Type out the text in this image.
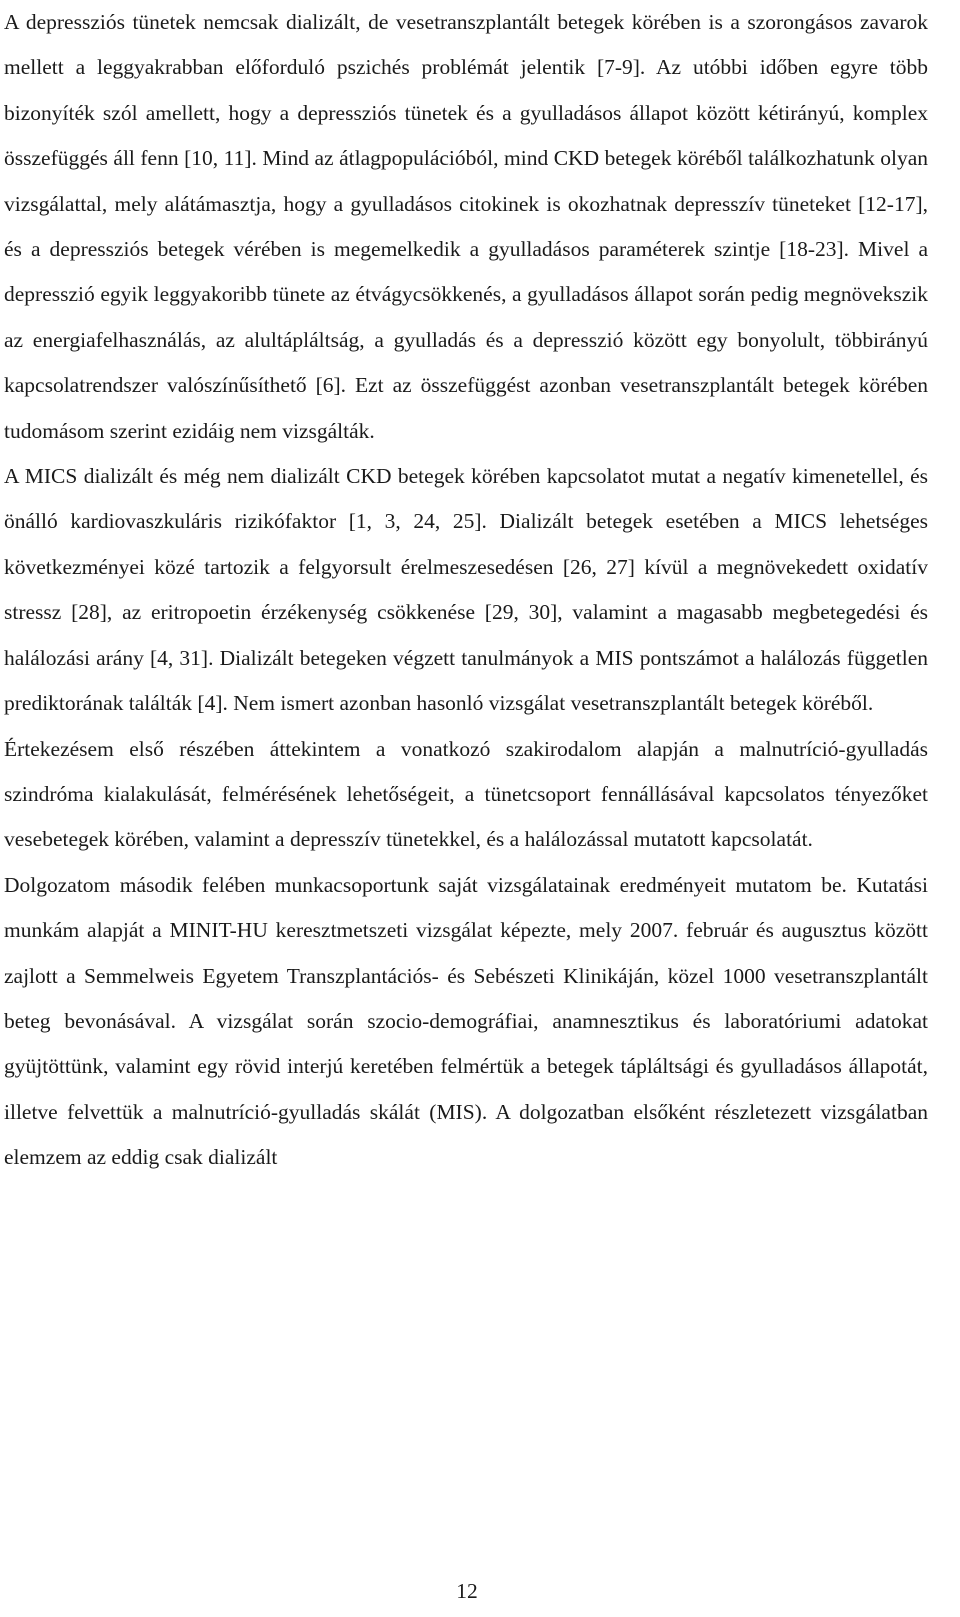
A depressziós tünetek nemcsak dializált, de vesetranszplantált betegek körében is a szorongásos zavarok mellett a leggyakrabban előforduló pszichés problémát jelentik [7-9]. Az utóbbi időben egyre több bizonyíték szól amellett, hogy a depressziós tünetek és a gyulladásos állapot között kétirányú, komplex összefüggés áll fenn [10, 11]. Mind az átlagpopulációból, mind CKD betegek köréből találkozhatunk olyan vizsgálattal, mely alátámasztja, hogy a gyulladásos citokinek is okozhatnak depresszív tüneteket [12-17], és a depressziós betegek vérében is megemelkedik a gyulladásos paraméterek szintje [18-23]. Mivel a depresszió egyik leggyakoribb tünete az étvágycsökkenés, a gyulladásos állapot során pedig megnövekszik az energiafelhasználás, az alultápláltság, a gyulladás és a depresszió között egy bonyolult, többirányú kapcsolatrendszer valószínűsíthető [6]. Ezt az összefüggést azonban vesetranszplantált betegek körében tudomásom szerint ezidáig nem vizsgálták.

A MICS dializált és még nem dializált CKD betegek körében kapcsolatot mutat a negatív kimenetellel, és önálló kardiovaszkuláris rizikófaktor [1, 3, 24, 25]. Dializált betegek esetében a MICS lehetséges következményei közé tartozik a felgyorsult érelmeszesedésen [26, 27] kívül a megnövekedett oxidatív stressz [28], az eritropoetin érzékenység csökkenése [29, 30], valamint a magasabb megbetegedési és halálozási arány [4, 31]. Dializált betegeken végzett tanulmányok a MIS pontszámot a halálozás független prediktorának találták [4]. Nem ismert azonban hasonló vizsgálat vesetranszplantált betegek köréből.

Értekezésem első részében áttekintem a vonatkozó szakirodalom alapján a malnutríció-gyulladás szindróma kialakulását, felmérésének lehetőségeit, a tünetcsoport fennállásával kapcsolatos tényezőket vesebetegek körében, valamint a depresszív tünetekkel, és a halálozással mutatott kapcsolatát.

Dolgozatom második felében munkacsoportunk saját vizsgálatainak eredményeit mutatom be. Kutatási munkám alapját a MINIT-HU keresztmetszeti vizsgálat képezte, mely 2007. február és augusztus között zajlott a Semmelweis Egyetem Transzplantációs- és Sebészeti Klinikáján, közel 1000 vesetranszplantált beteg bevonásával. A vizsgálat során szocio-demográfiai, anamnesztikus és laboratóriumi adatokat gyüjtöttünk, valamint egy rövid interjú keretében felmértük a betegek tápláltsági és gyulladásos állapotát, illetve felvettük a malnutríció-gyulladás skálát (MIS). A dolgozatban elsőként részletezett vizsgálatban elemzem az eddig csak dializált

12
